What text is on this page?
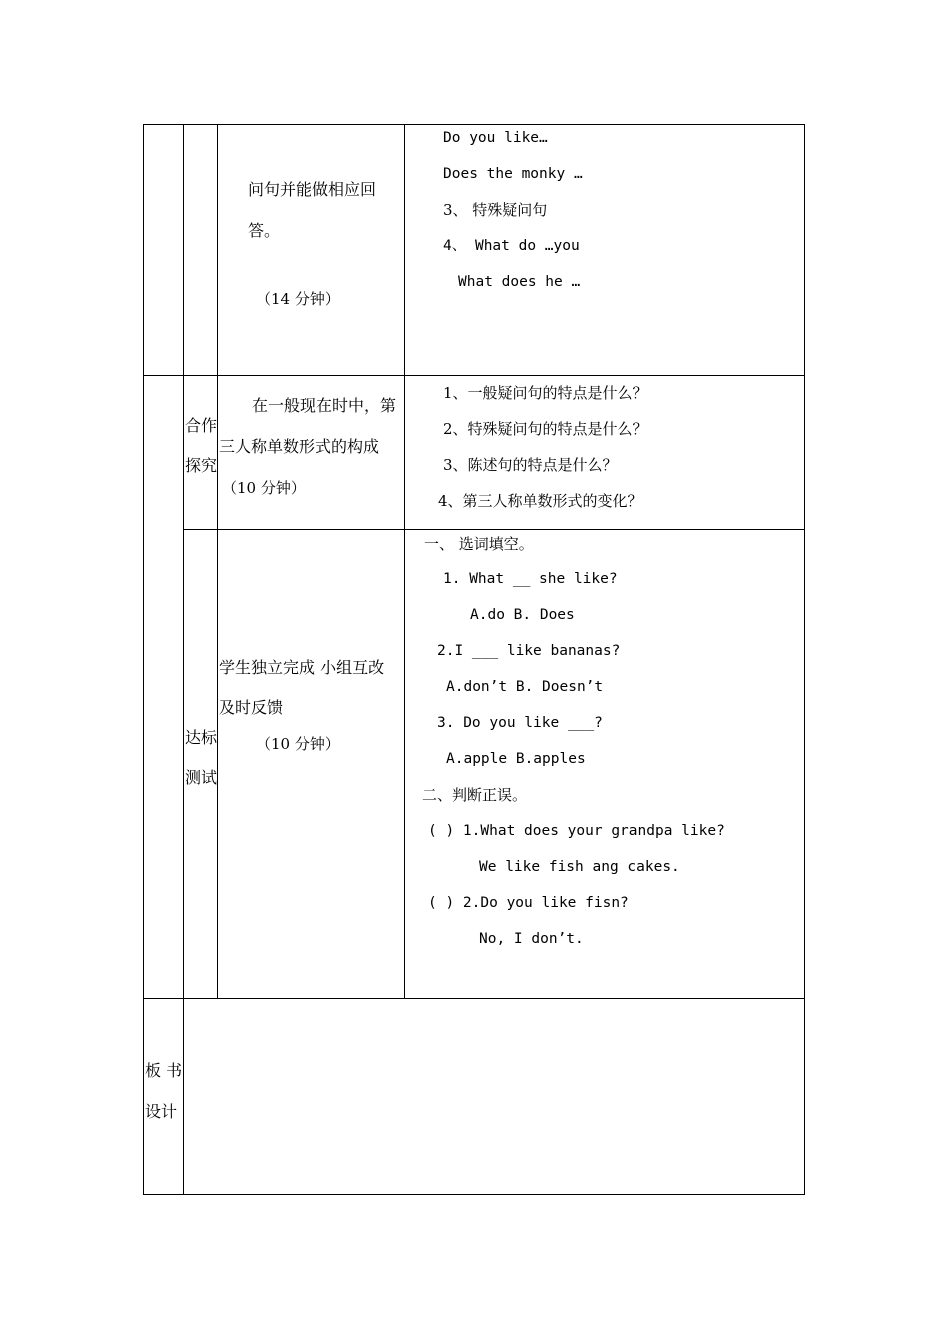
问句并能做相应回
答。
（14 分钟）
Do you like…
Does the monky …
3、 特殊疑问句
4、 What do …you
What does he …
合作
探究
在一般现在时中，第
三人称单数形式的构成
（10 分钟）
1、一般疑问句的特点是什么？
2、特殊疑问句的特点是什么？
3、陈述句的特点是什么？
4、第三人称单数形式的变化？
达标
测试
学生独立完成 小组互改
及时反馈
（10 分钟）
一、 选词填空。
1. What __ she like?
A.do B. Does
2.I ___ like bananas?
A.don’t B. Doesn’t
3. Do you like ___?
A.apple B.apples
二、判断正误。
( ) 1.What does your grandpa like?
We like fish ang cakes.
( ) 2.Do you like fisn?
No, I don’t.
板 书
设计
